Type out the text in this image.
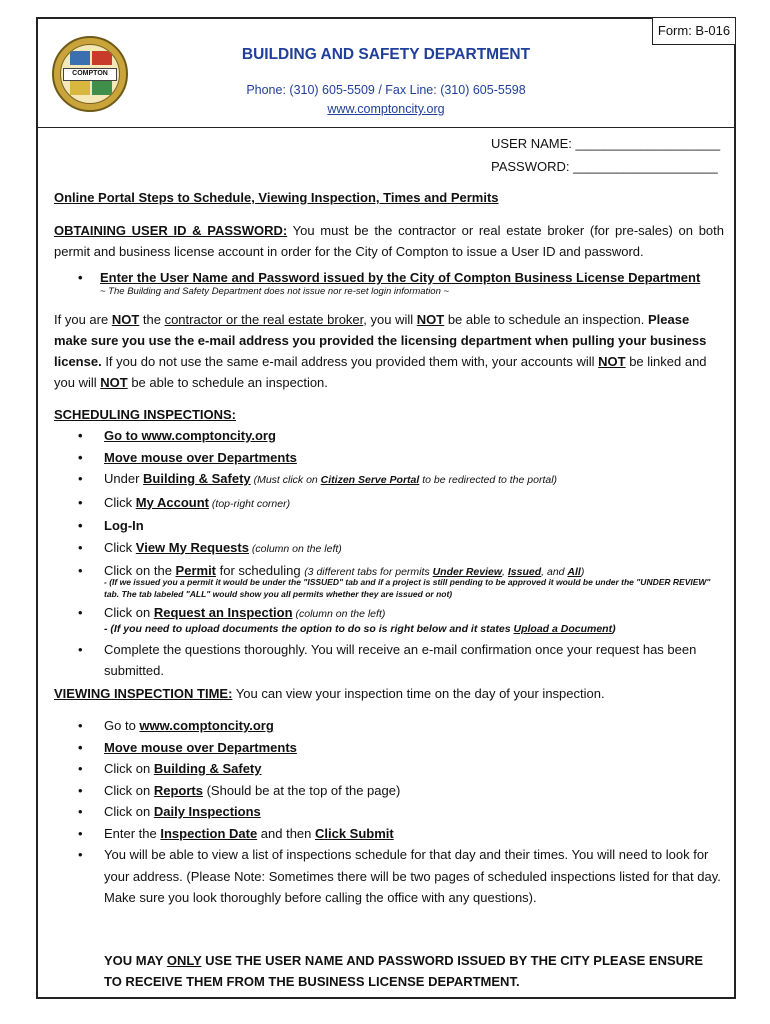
Form: B-016
COMPTON
BUILDING AND SAFETY DEPARTMENT
Phone: (310) 605-5509 / Fax Line: (310) 605-5598
www.comptoncity.org
USER NAME: ____________________
PASSWORD: ____________________
Online Portal Steps to Schedule, Viewing Inspection, Times and Permits
OBTAINING USER ID & PASSWORD: You must be the contractor or real estate broker (for pre-sales) on both permit and business license account in order for the City of Compton to issue a User ID and password.
• Enter the User Name and Password issued by the City of Compton Business License Department
~ The Building and Safety Department does not issue nor re-set login information ~
If you are NOT the contractor or the real estate broker, you will NOT be able to schedule an inspection. Please make sure you use the e-mail address you provided the licensing department when pulling your business license. If you do not use the same e-mail address you provided them with, your accounts will NOT be linked and you will NOT be able to schedule an inspection.
SCHEDULING INSPECTIONS:
• Go to www.comptoncity.org
• Move mouse over Departments
• Under Building & Safety (Must click on Citizen Serve Portal to be redirected to the portal)
• Click My Account (top-right corner)
• Log-In
• Click View My Requests (column on the left)
• Click on the Permit for scheduling (3 different tabs for permits Under Review, Issued, and All)
- (If we issued you a permit it would be under the "ISSUED" tab and if a project is still pending to be approved it would be under the "UNDER REVIEW" tab. The tab labeled "ALL" would show you all permits whether they are issued or not)
• Click on Request an Inspection (column on the left)
- (If you need to upload documents the option to do so is right below and it states Upload a Document)
• Complete the questions thoroughly. You will receive an e-mail confirmation once your request has been submitted.
VIEWING INSPECTION TIME: You can view your inspection time on the day of your inspection.
• Go to www.comptoncity.org
• Move mouse over Departments
• Click on Building & Safety
• Click on Reports (Should be at the top of the page)
• Click on Daily Inspections
• Enter the Inspection Date and then Click Submit
• You will be able to view a list of inspections schedule for that day and their times. You will need to look for your address. (Please Note: Sometimes there will be two pages of scheduled inspections listed for that day. Make sure you look thoroughly before calling the office with any questions).
YOU MAY ONLY USE THE USER NAME AND PASSWORD ISSUED BY THE CITY PLEASE ENSURE TO RECEIVE THEM FROM THE BUSINESS LICENSE DEPARTMENT.
